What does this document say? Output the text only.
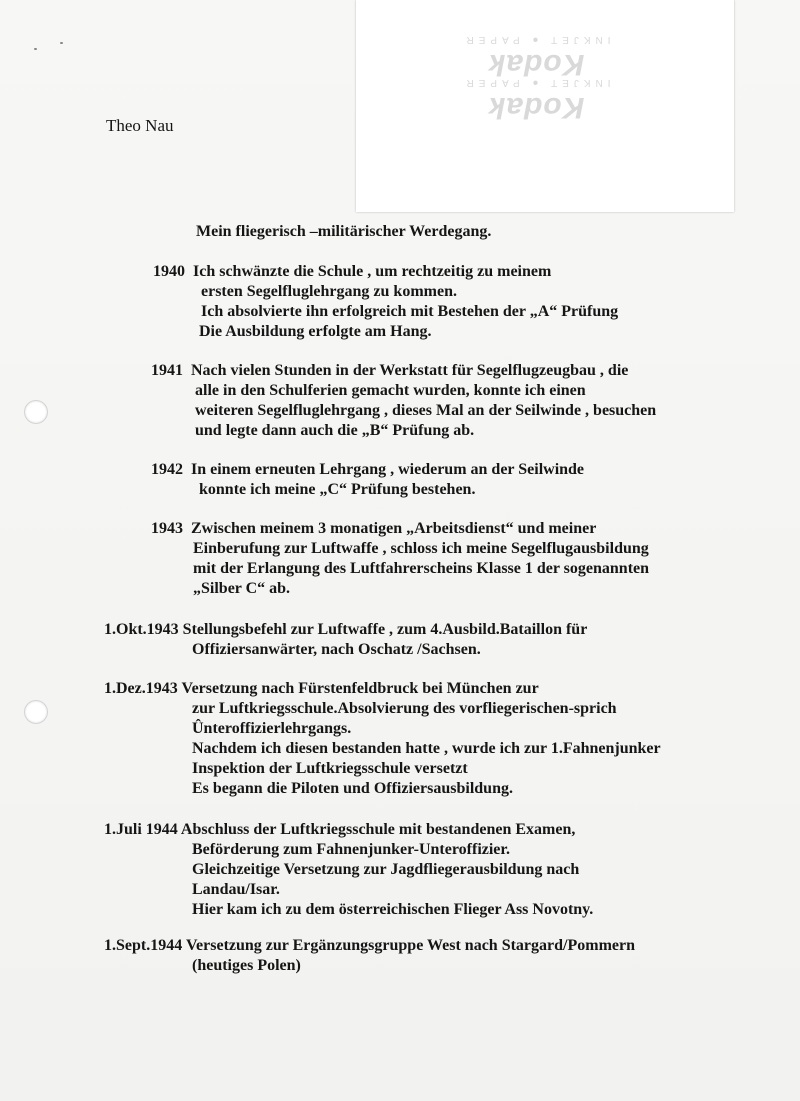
Kodak
INKJET ● PAPER
Kodak
INKJET ● PAPER
Theo Nau
Mein fliegerisch –militärischer Werdegang.
1940 Ich schwänzte die Schule , um rechtzeitig zu meinem
ersten Segelfluglehrgang zu kommen.
Ich absolvierte ihn erfolgreich mit Bestehen der „A“ Prüfung
Die Ausbildung erfolgte am Hang.
1941 Nach vielen Stunden in der Werkstatt für Segelflugzeugbau , die
alle in den Schulferien gemacht wurden, konnte ich einen
weiteren Segelfluglehrgang , dieses Mal an der Seilwinde , besuchen
und legte dann auch die „B“ Prüfung ab.
1942 In einem erneuten Lehrgang , wiederum an der Seilwinde
konnte ich meine „C“ Prüfung bestehen.
1943 Zwischen meinem 3 monatigen „Arbeitsdienst“ und meiner
Einberufung zur Luftwaffe , schloss ich meine Segelflugausbildung
mit der Erlangung des Luftfahrerscheins Klasse 1 der sogenannten
„Silber C“ ab.
1.Okt.1943 Stellungsbefehl zur Luftwaffe , zum 4.Ausbild.Bataillon für
Offiziersanwärter, nach Oschatz /Sachsen.
1.Dez.1943 Versetzung nach Fürstenfeldbruck bei München zur
zur Luftkriegsschule.Absolvierung des vorfliegerischen-sprich
Ûnteroffizierlehrgangs.
Nachdem ich diesen bestanden hatte , wurde ich zur 1.Fahnenjunker
Inspektion der Luftkriegsschule versetzt
Es begann die Piloten und Offiziersausbildung.
1.Juli 1944 Abschluss der Luftkriegsschule mit bestandenen Examen,
Beförderung zum Fahnenjunker-Unteroffizier.
Gleichzeitige Versetzung zur Jagdfliegerausbildung nach
Landau/Isar.
Hier kam ich zu dem österreichischen Flieger Ass Novotny.
1.Sept.1944 Versetzung zur Ergänzungsgruppe West nach Stargard/Pommern
(heutiges Polen)
